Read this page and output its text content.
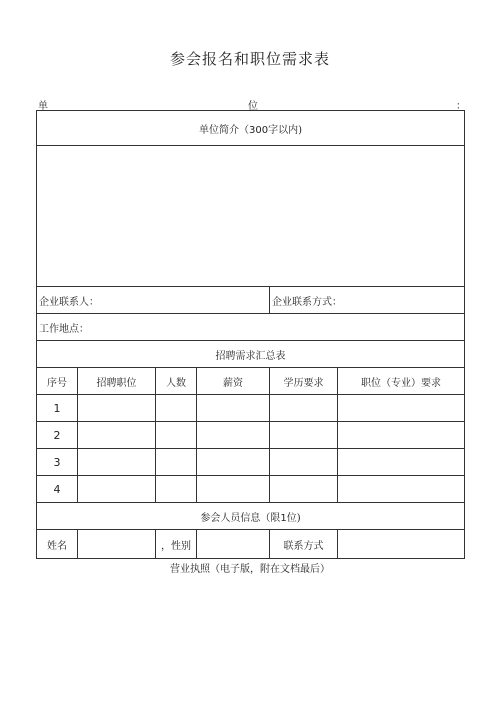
参会报名和职位需求表
单	位	：
单位简介（300字以内)					

企业联系人：				企业联系方式：	
工作地点：					
招聘需求汇总表					
序号	招聘职位	人数	薪资	学历要求	职位（专业）要求
1					
2					
3					
4					
参会人员信息（限1位)					
姓名		，性别		联系方式	
营业执照（电子版，附在文档最后）
